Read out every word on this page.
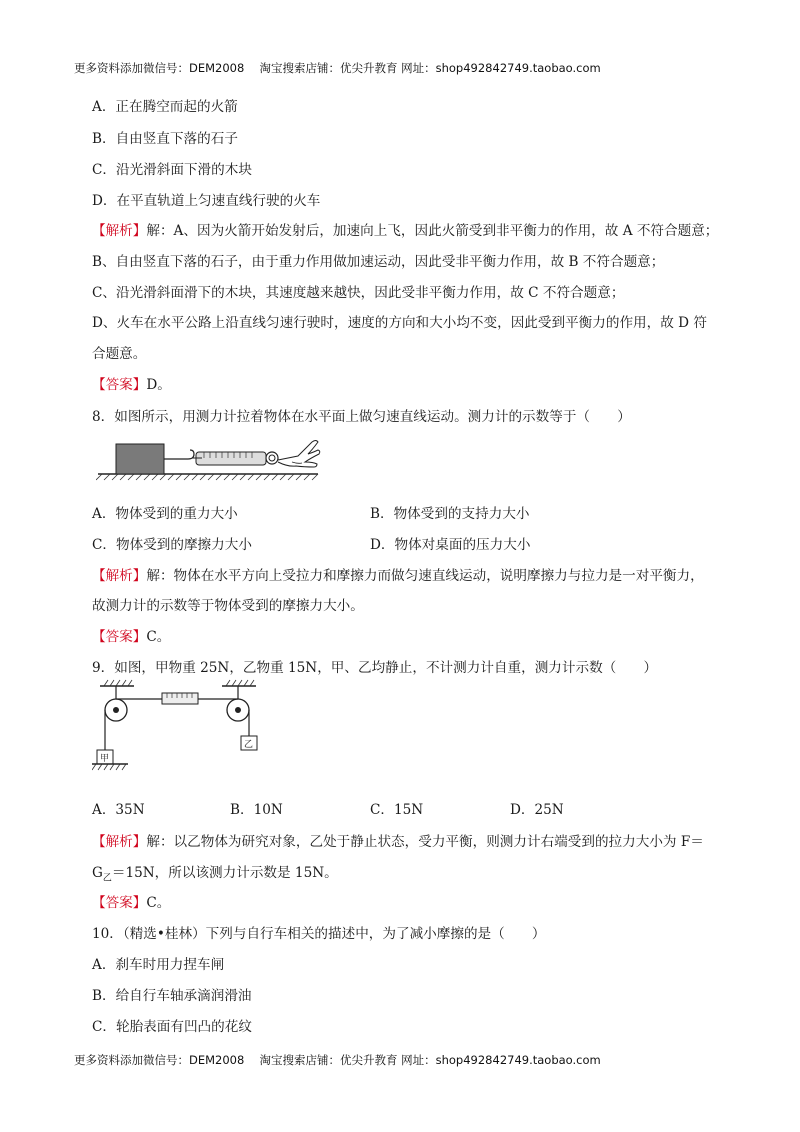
更多资料添加微信号：DEM2008　 淘宝搜索店铺：优尖升教育 网址：shop492842749.taobao.com
A．正在腾空而起的火箭
B．自由竖直下落的石子
C．沿光滑斜面下滑的木块
D．在平直轨道上匀速直线行驶的火车
【解析】解：A、因为火箭开始发射后，加速向上飞，因此火箭受到非平衡力的作用，故 A 不符合题意；
B、自由竖直下落的石子，由于重力作用做加速运动，因此受非平衡力作用，故 B 不符合题意；
C、沿光滑斜面滑下的木块，其速度越来越快，因此受非平衡力作用，故 C 不符合题意；
D、火车在水平公路上沿直线匀速行驶时，速度的方向和大小均不变，因此受到平衡力的作用，故 D 符
合题意。
【答案】D。
8．如图所示，用测力计拉着物体在水平面上做匀速直线运动。测力计的示数等于（　　）
A．物体受到的重力大小	B．物体受到的支持力大小
C．物体受到的摩擦力大小	D．物体对桌面的压力大小
【解析】解：物体在水平方向上受拉力和摩擦力而做匀速直线运动，说明摩擦力与拉力是一对平衡力，
故测力计的示数等于物体受到的摩擦力大小。
【答案】C。
9．如图，甲物重 25N，乙物重 15N，甲、乙均静止，不计测力计自重，测力计示数（　　）
甲
乙
A．35N	B．10N	C．15N	D．25N
【解析】解：以乙物体为研究对象，乙处于静止状态，受力平衡，则测力计右端受到的拉力大小为 F＝
$G_乙=15N$，所以该测力计示数是 15N。
【答案】C。
10．（精选•桂林）下列与自行车相关的描述中，为了减小摩擦的是（　　）
A．刹车时用力捏车闸
B．给自行车轴承滴润滑油
C．轮胎表面有凹凸的花纹
更多资料添加微信号：DEM2008　 淘宝搜索店铺：优尖升教育 网址：shop492842749.taobao.com
